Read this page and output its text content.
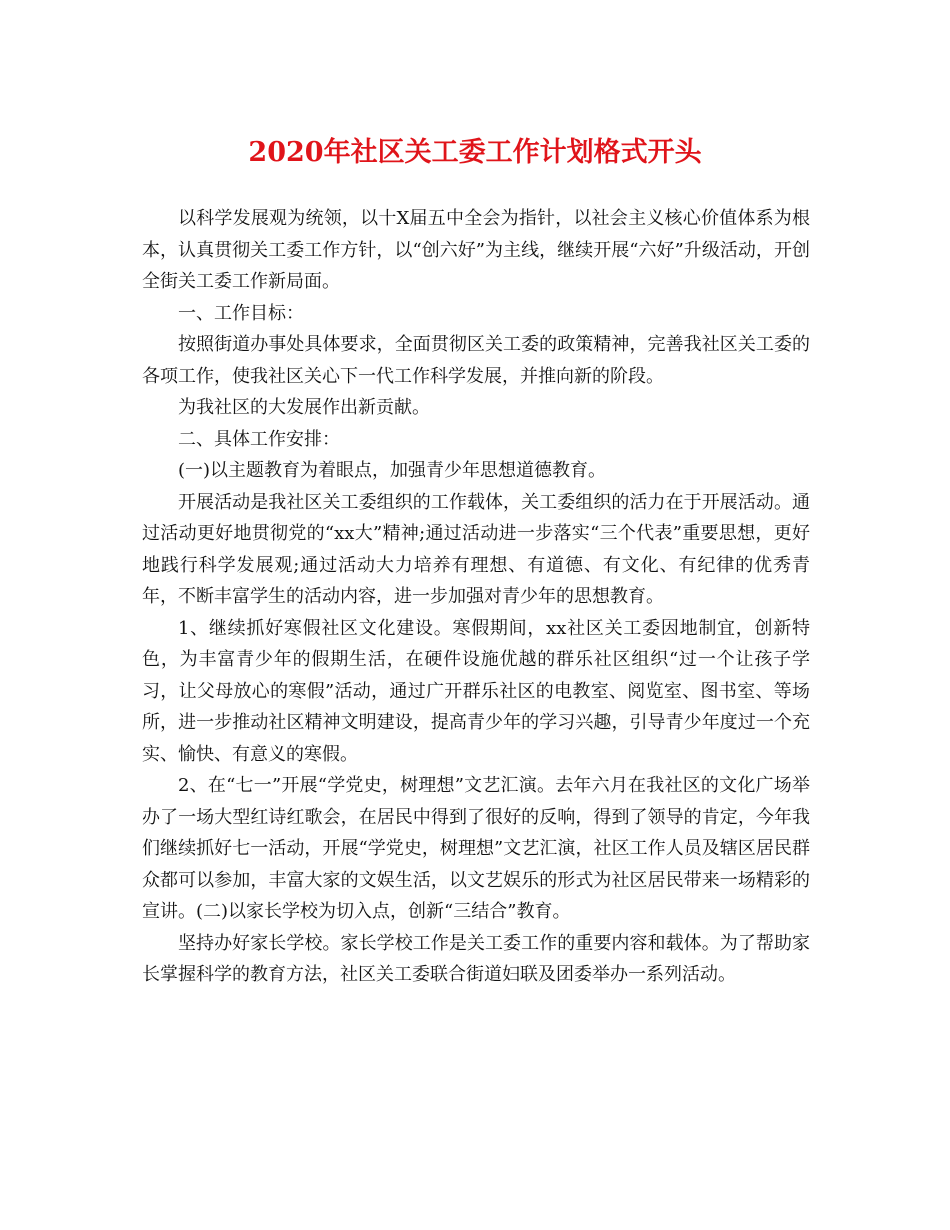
2020年社区关工委工作计划格式开头

以科学发展观为统领，以十X届五中全会为指针，以社会主义核心价值体系为根本，认真贯彻关工委工作方针，以“创六好”为主线，继续开展“六好”升级活动，开创全街关工委工作新局面。

一、工作目标：

按照街道办事处具体要求，全面贯彻区关工委的政策精神，完善我社区关工委的各项工作，使我社区关心下一代工作科学发展，并推向新的阶段。

为我社区的大发展作出新贡献。

二、具体工作安排：

(一)以主题教育为着眼点，加强青少年思想道德教育。

开展活动是我社区关工委组织的工作载体，关工委组织的活力在于开展活动。通过活动更好地贯彻党的“xx大”精神;通过活动进一步落实“三个代表”重要思想，更好地践行科学发展观;通过活动大力培养有理想、有道德、有文化、有纪律的优秀青年，不断丰富学生的活动内容，进一步加强对青少年的思想教育。

1、继续抓好寒假社区文化建设。寒假期间，xx社区关工委因地制宜，创新特色，为丰富青少年的假期生活，在硬件设施优越的群乐社区组织“过一个让孩子学习，让父母放心的寒假”活动，通过广开群乐社区的电教室、阅览室、图书室、等场所，进一步推动社区精神文明建设，提高青少年的学习兴趣，引导青少年度过一个充实、愉快、有意义的寒假。

2、在“七一”开展“学党史，树理想”文艺汇演。去年六月在我社区的文化广场举办了一场大型红诗红歌会，在居民中得到了很好的反响，得到了领导的肯定，今年我们继续抓好七一活动，开展“学党史，树理想”文艺汇演，社区工作人员及辖区居民群众都可以参加，丰富大家的文娱生活，以文艺娱乐的形式为社区居民带来一场精彩的宣讲。(二)以家长学校为切入点，创新“三结合”教育。

坚持办好家长学校。家长学校工作是关工委工作的重要内容和载体。为了帮助家长掌握科学的教育方法，社区关工委联合街道妇联及团委举办一系列活动。
